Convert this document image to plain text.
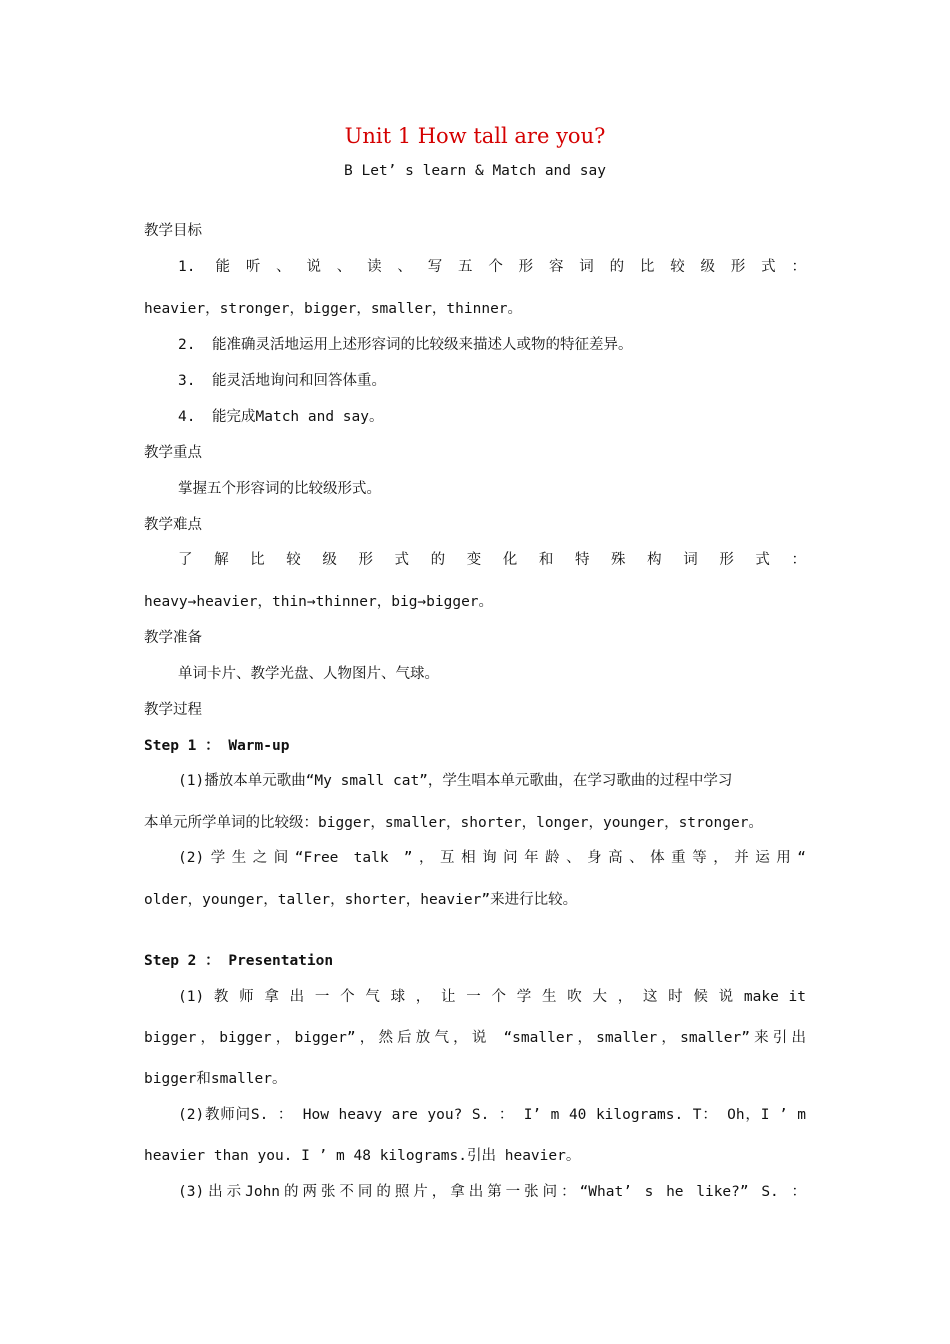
Unit 1 How tall are you?
B Let’ s learn & Match and say
教学目标
1. 能 听 、 说 、 读 、 写 五 个 形 容 词 的 比 较 级 形 式 ：
heavier，stronger，bigger，smaller，thinner。
2. 能准确灵活地运用上述形容词的比较级来描述人或物的特征差异。
3. 能灵活地询问和回答体重。
4. 能完成Match and say。
教学重点
掌握五个形容词的比较级形式。
教学难点
了 解 比 较 级 形 式 的 变 化 和 特 殊 构 词 形 式 ：
heavy→heavier，thin→thinner，big→bigger。
教学准备
单词卡片、教学光盘、人物图片、气球。
教学过程
Step 1 ： Warm-up
(1)播放本单元歌曲“My small cat”，学生唱本单元歌曲，在学习歌曲的过程中学习
本单元所学单词的比较级：bigger，smaller，shorter，longer，younger，stronger。
(2)学生之间“Free talk ”，互相询问年龄、身高、体重等，并运用“
older，younger，taller，shorter，heavier”来进行比较。
Step 2 ： Presentation
(1) 教 师 拿 出 一 个 气 球 ， 让 一 个 学 生 吹 大 ， 这 时 候 说 make it
bigger，bigger，bigger”，然后放气，说 “smaller，smaller，smaller”来引出
bigger和smaller。
(2)教师问S. ： How heavy are you? S. ： I’ m 40 kilograms. T： Oh，I ’ m
heavier than you. I ’ m 48 kilograms.引出 heavier。
(3)出示John的两张不同的照片，拿出第一张问：“What’ s he like?” S. ：
